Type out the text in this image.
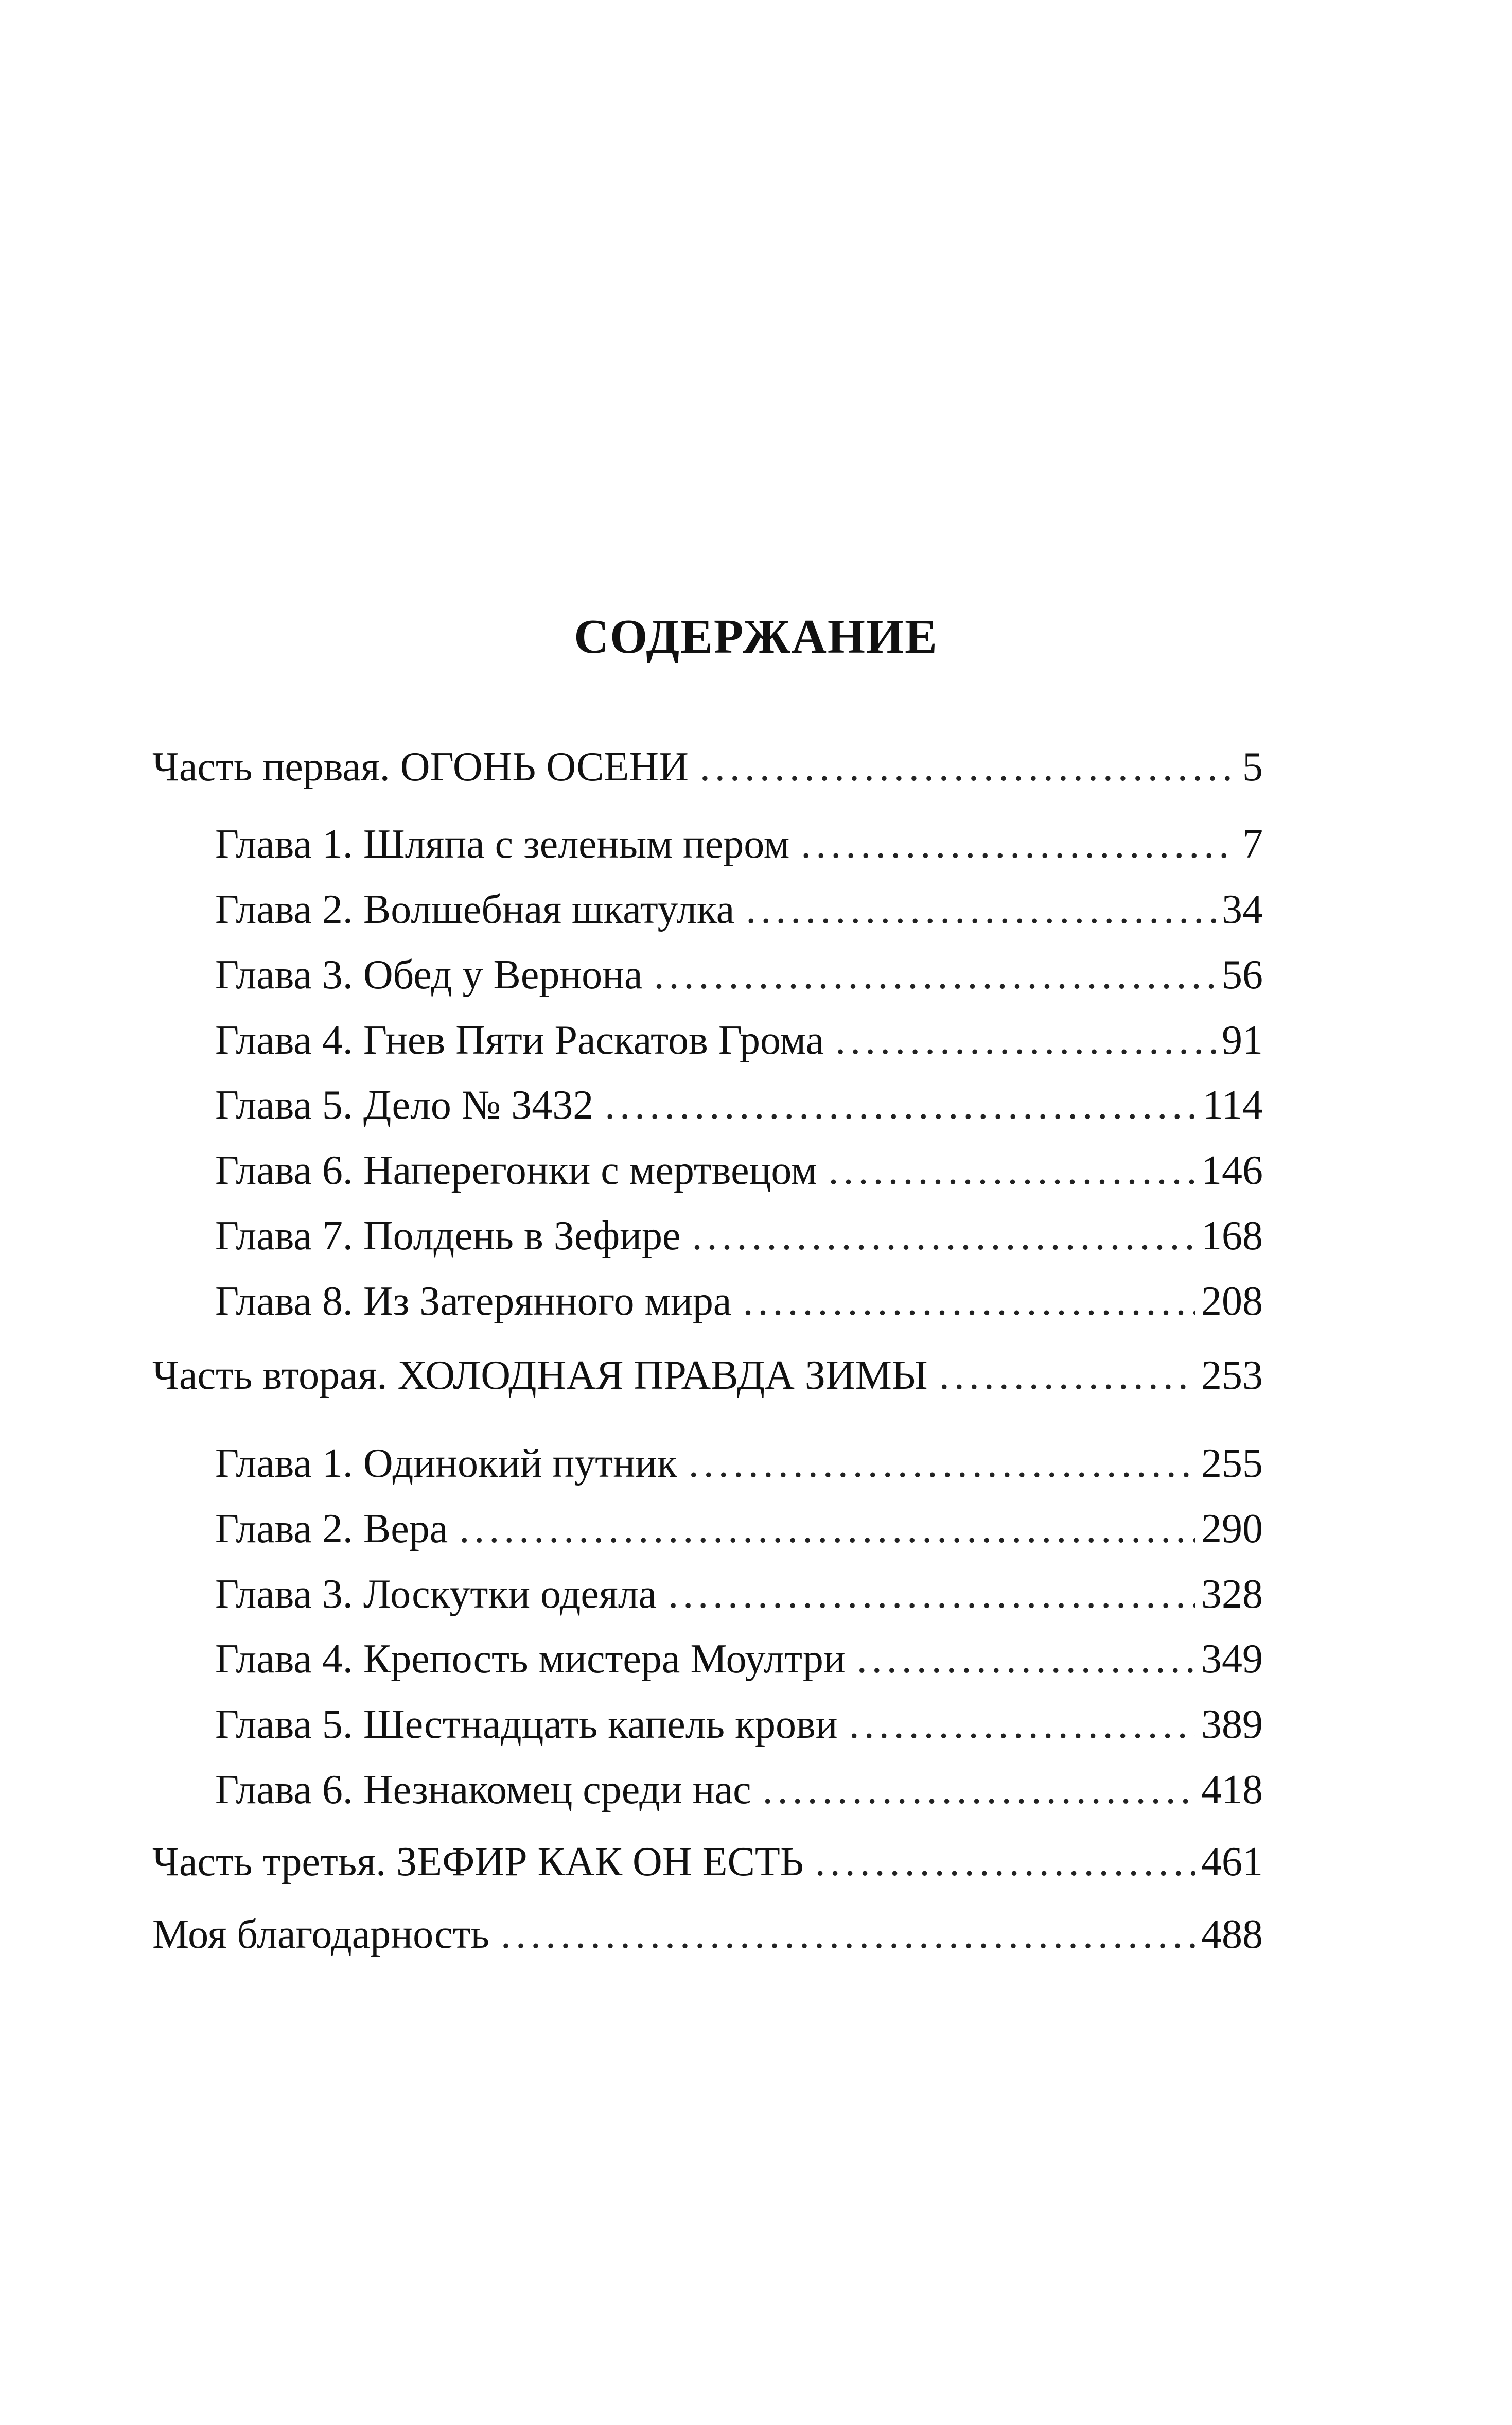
СОДЕРЖАНИЕ
Часть первая. ОГОНЬ ОСЕНИ .....	5
Глава 1. Шляпа с зеленым пером .....	7
Глава 2. Волшебная шкатулка .....	34
Глава 3. Обед у Вернона .....	56
Глава 4. Гнев Пяти Раскатов Грома .....	91
Глава 5. Дело № 3432 .....	114
Глава 6. Наперегонки с мертвецом .....	146
Глава 7. Полдень в Зефире .....	168
Глава 8. Из Затерянного мира .....	208
Часть вторая. ХОЛОДНАЯ ПРАВДА ЗИМЫ .....	253
Глава 1. Одинокий путник .....	255
Глава 2. Вера .....	290
Глава 3. Лоскутки одеяла .....	328
Глава 4. Крепость мистера Моултри .....	349
Глава 5. Шестнадцать капель крови .....	389
Глава 6. Незнакомец среди нас .....	418
Часть третья. ЗЕФИР КАК ОН ЕСТЬ .....	461
Моя благодарность .....	488
